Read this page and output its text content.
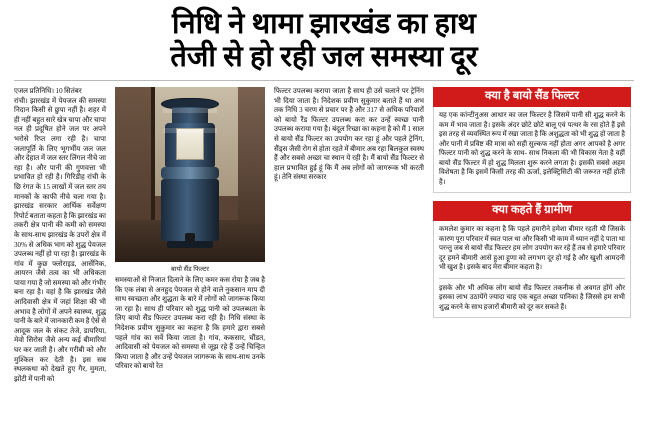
निधि ने थामा झारखंड का हाथ
तेजी से हो रही जल समस्या दूर
एजल प्रतिनिधि। 10 सितंबर
रांची। झारखंड में पेयजल की समस्या निदान किसी से छुपा नहीं है। शहर में ही नहीं बहुत सारे खेत्र चापा और चापा नल ही प्रदूषित होने जल पर अपने भरोसे रिप्त लगा रही है। चापा जलापूर्ति के लिए भूगर्भीय जल जल और देहात में जल स्तर लिंगल नीचे जा रहा है। और पानी की गुणवत्ता भी प्रभावित हो रही है। गिरिडीह रांची के छि रंगत के 15 लाखों में जल स्तर तय मानकों के काफी नीचे चला गया है। झारखंड सरकार आर्थिक सर्वेक्षण रिपोर्ट बताता कहता है कि झारखंड का तकरी क्षेत्र पानी की कमी को समस्या के साथ-साथ झारखंड के उपरों क्षेत्र में 30% से अधिक भाग को शुद्ध पेयजल उपलब्ध नहीं हो पा रहा है। झारखंड के गांव में कुछ फ्लोराइड, आर्सेनिक, आयरन जैसे तत्व का भी अधिकता पाया गया है जो समस्या को और गंभीर बना रहा है। वहां है कि झारखंड जैसे आदिवासी क्षेत्र में जहां शिक्षा की भी अभाव है लोगों में अपने स्वास्थ्य, शुद्ध पानी के बारे में जानकारी कम है ऐसे से आदूक जल के संकट तेजे, डायरिया, मेवो सिरोस जैसे अन्य कई बीमारियां घर कर जाती है। और गरीबी को और मुश्किल कर देती है। इस सब स्थलकथा को देखते हुए गैर, मुमता, झोंटी में पानी को
बायो सैंड फिल्टर
समस्याओं से निजात दिलाने के लिए कमर कस रोया है जब है कि एक लंबा से अनहुद पेयजल से होने वाले नुकसान माप दी साथ स्वच्छता और शुद्धता के बारे में लोगों को जागरूक किया जा रहा है। साथ ही परिवार को शुद्ध पानी को उपलब्धता के लिए बायो सैंड फिल्टर उपलब्ध करा रही है। निधि संस्था के निदेशक प्रवीण सुकुमार का कहना है कि हमारे द्वारा सबसे पहले गांव का सर्वे किया जाता है। गांव, ककसार, चौंडत, आदिवासी को पेयजल को समस्या से जूझ रहे हैं उन्हें चिन्हित किया जाता है और उन्हें पेयजल जागरूक के साथ-साथ उनके परिवार को बायो रेत
फिल्टर उपलब्ध कराया जाता है साथ ही उसे चलाने पर ट्रेनिंग भी दिया जाता है। निदेशक प्रवीण सुकुमार बताते हैं था अभ तक निधि 3 चरण से प्रचार पर है और 317 से अधिक परिवारों को बायो रैंड फिल्टर उपलब्ध करा कर उन्हें स्वच्छ पानी उपलब्ध कराया गया है। बंदूल रिच्छा का कहना है को मैं 1 साल से बायो सैंड फिल्टर का उपयोग कर रहा हूं और पहले ट्रेनिंग, सैंड्स जैसी रोग से होता रहते में बीमार अब रहा बिलकुल स्वस्थ हैं और सबसे अच्छा चा स्थान ये रही है। मैं बायो सैंड फिल्टर से हाल प्रभावित हुई हूं कि मैं अब लोगों को जागरूक भी करती हूं। तेनि संस्था सरकार
क्या है बायो सैंड फिल्टर
यह एक कांन्टीनुअस आधार का जल फिल्टर है जिसमे पानी सी शुद्ध करने के कम में भाव जाता है। इसके अंदर छोटे छोटे बालू एवं पत्थर के रस होते हैं इसे इस तरह से व्यवस्थित रूप में रखा जाता है कि अशुद्धता को भी शुद्ध हो जाता है और पानी में प्रविष्ट की मात्रा को सही सुल्कफ नहीं होता अगर आपको है अगर फिल्टर पानी को शुद्ध करने के साथ- साथ निकला की भी विकास नेता है वहीं बायो सैंड फिल्टर में हो शुद्ध मिलला शुरू करने लगता है। इसकी सबसे अहम विशेषता है कि इसमें किसी तरह की ऊर्जा, इलेक्ट्रिसिटी की जरूरत नहीं होती है।
क्या कहते हैं ग्रामीण
कमलेश कुमार का कहना है कि पहले हमारीने हमेशा बीमार रहती थी जिसके कारण पूरा परिवार में स्वत पाल था और किसी भी काम में ध्यान नहीं दे पाता था परन्तु जब से बायो सैंड फिल्टर हम लोग उपयोग कर रहे हैं तब से हमारे परिवार दूर हमने बीमारी आसे हुआ हूणा को लगभग दूर हो गई है और खुशी आमदनी भी खुश है। इसके बाद मेरा बीमार कहता है।
इसके और भी अधिक लोग बायो सैंड फिल्टर तकनीक से अवगत होंगे और इसका लाभ उठायेंगे ज्यादा चाह एक बहुत अच्छा पानिका है जिससे हम सभी शुद्ध करने के साथ हजारों बीमारी को दूर कर सकते हैं।
